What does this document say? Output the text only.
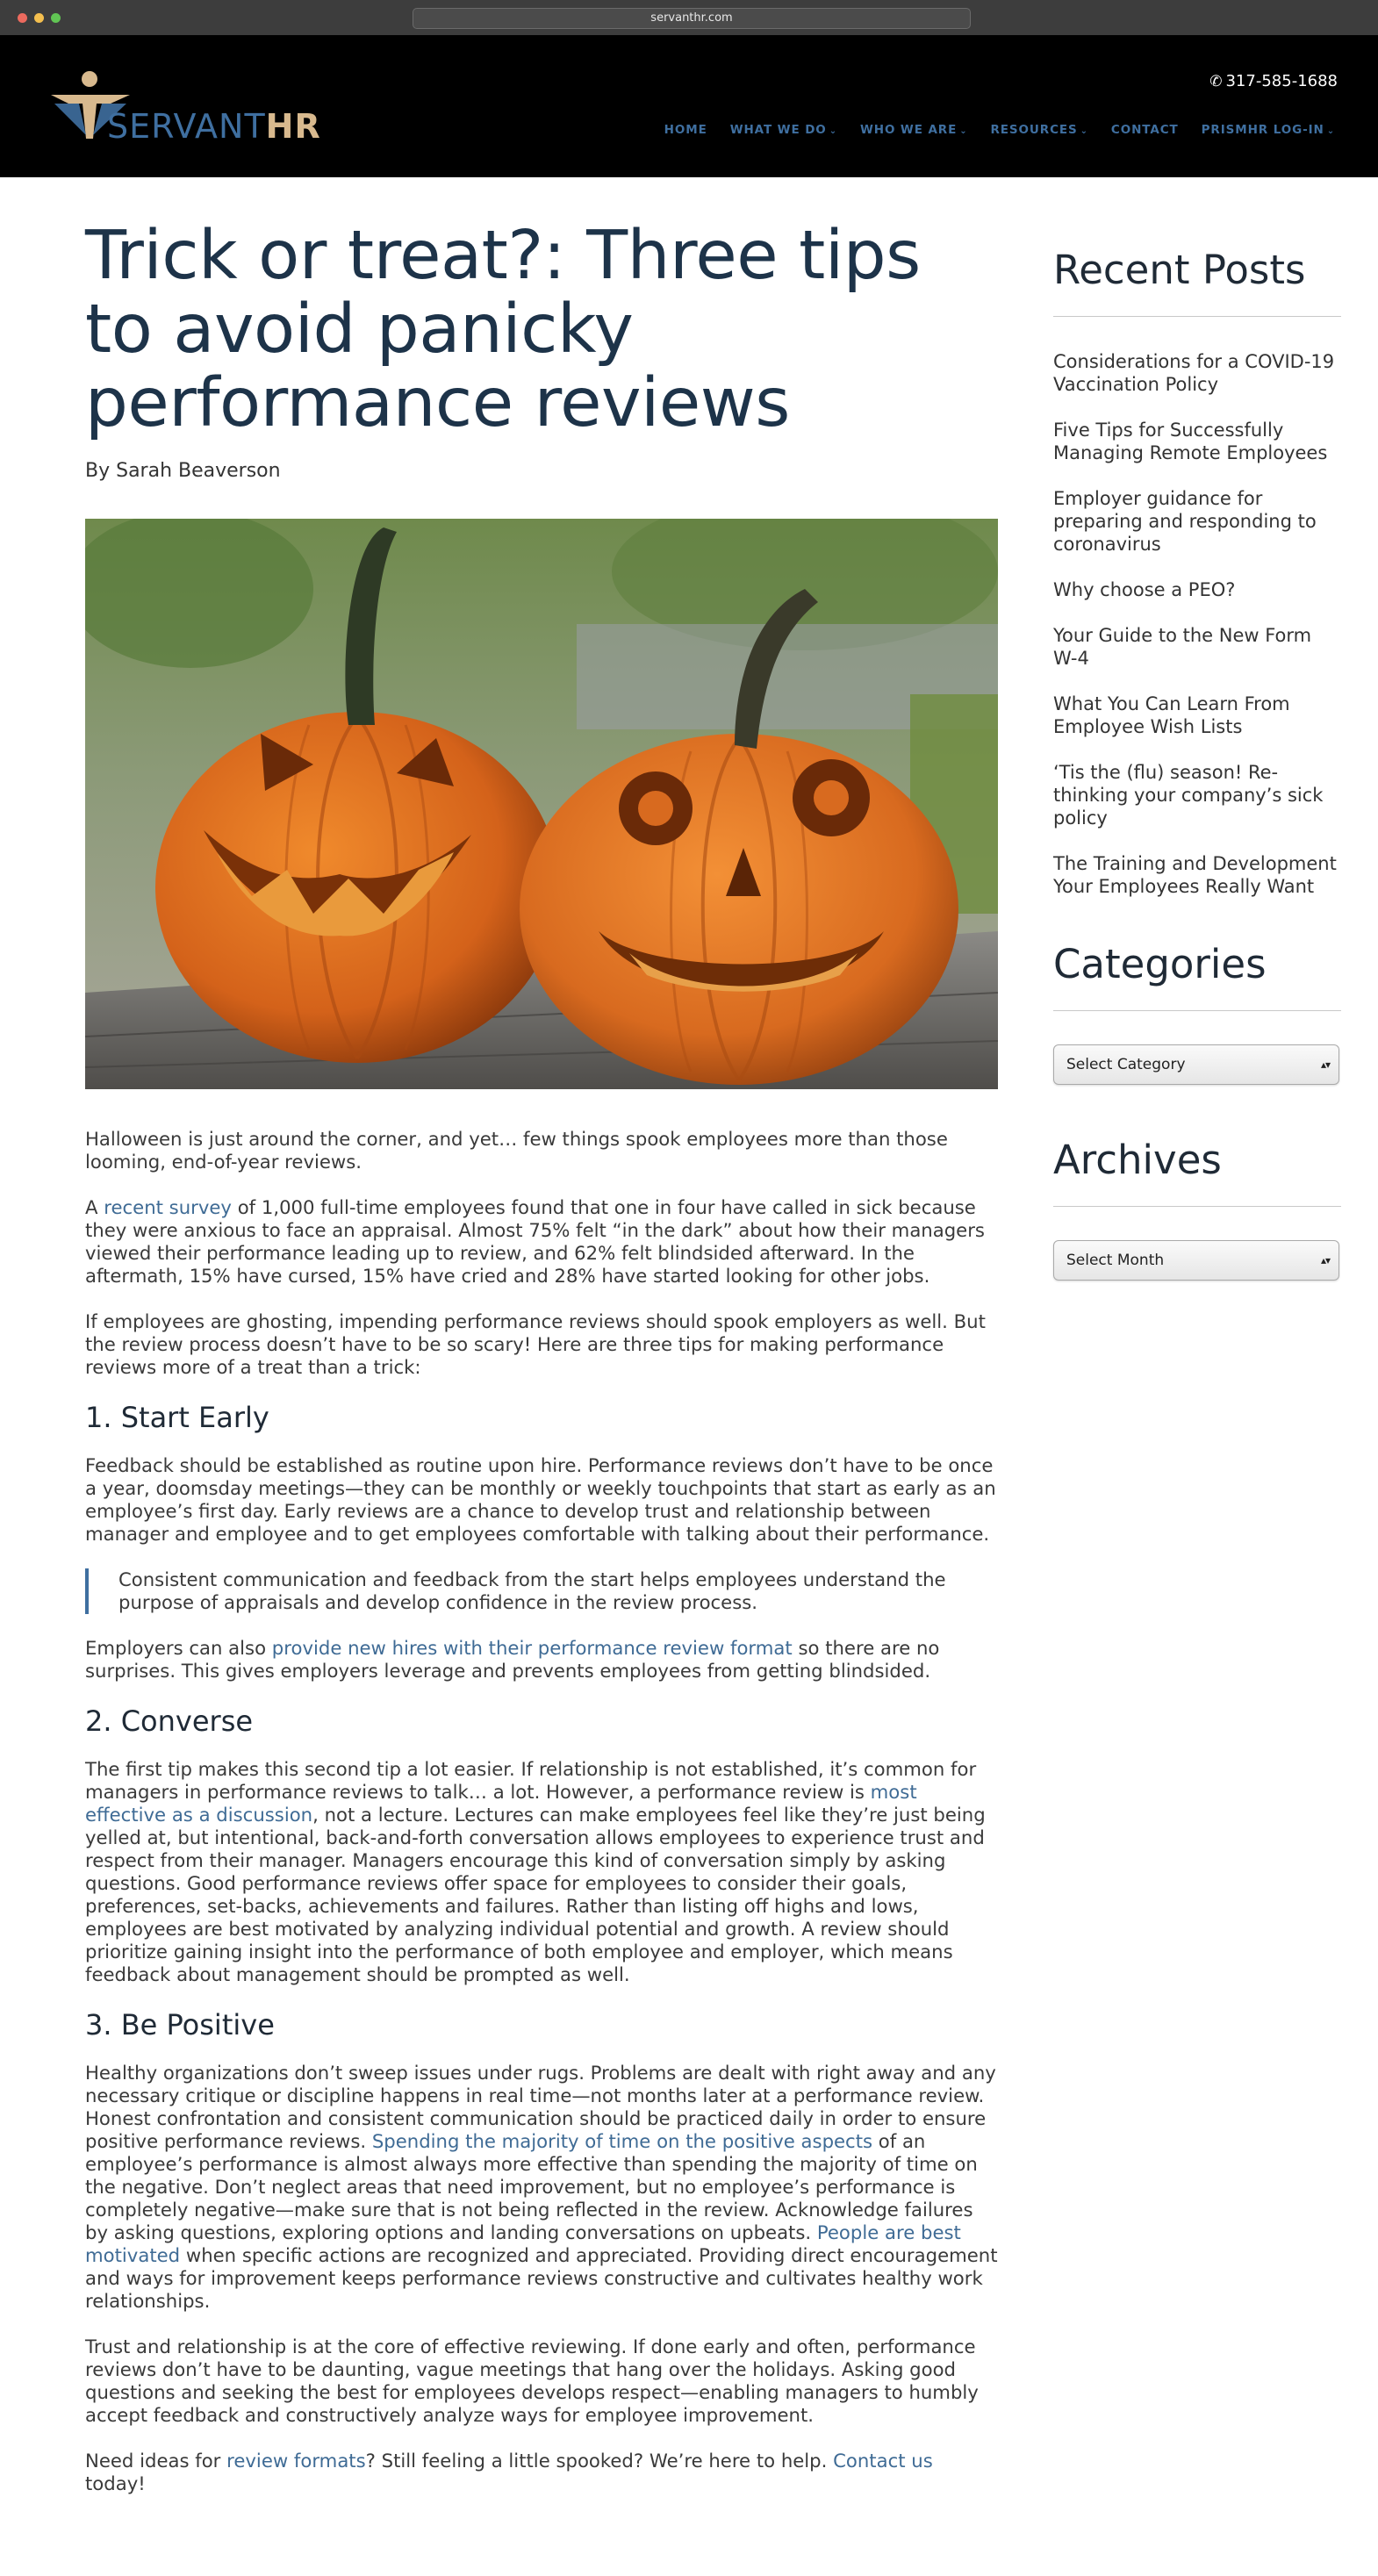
servanthr.com
SERVANTHR
✆ 317-585-1688
HOME	WHAT WE DO ⌄	WHO WE ARE ⌄	RESOURCES ⌄	CONTACT	PRISMHR LOG-IN ⌄
Trick or treat?: Three tips to avoid panicky performance reviews
By Sarah Beaverson

Halloween is just around the corner, and yet… few things spook employees more than those looming, end-of-year reviews.

A recent survey of 1,000 full-time employees found that one in four have called in sick because they were anxious to face an appraisal. Almost 75% felt “in the dark” about how their managers viewed their performance leading up to review, and 62% felt blindsided afterward. In the aftermath, 15% have cursed, 15% have cried and 28% have started looking for other jobs.

If employees are ghosting, impending performance reviews should spook employers as well. But the review process doesn’t have to be so scary! Here are three tips for making performance reviews more of a treat than a trick:

1. Start Early

Feedback should be established as routine upon hire. Performance reviews don’t have to be once a year, doomsday meetings—they can be monthly or weekly touchpoints that start as early as an employee’s first day. Early reviews are a chance to develop trust and relationship between manager and employee and to get employees comfortable with talking about their performance.

Consistent communication and feedback from the start helps employees understand the purpose of appraisals and develop confidence in the review process.

Employers can also provide new hires with their performance review format so there are no surprises. This gives employers leverage and prevents employees from getting blindsided.

2. Converse

The first tip makes this second tip a lot easier. If relationship is not established, it’s common for managers in performance reviews to talk… a lot. However, a performance review is most effective as a discussion, not a lecture. Lectures can make employees feel like they’re just being yelled at, but intentional, back-and-forth conversation allows employees to experience trust and respect from their manager. Managers encourage this kind of conversation simply by asking questions. Good performance reviews offer space for employees to consider their goals, preferences, set-backs, achievements and failures. Rather than listing off highs and lows, employees are best motivated by analyzing individual potential and growth. A review should prioritize gaining insight into the performance of both employee and employer, which means feedback about management should be prompted as well.

3. Be Positive

Healthy organizations don’t sweep issues under rugs. Problems are dealt with right away and any necessary critique or discipline happens in real time—not months later at a performance review. Honest confrontation and consistent communication should be practiced daily in order to ensure positive performance reviews. Spending the majority of time on the positive aspects of an employee’s performance is almost always more effective than spending the majority of time on the negative. Don’t neglect areas that need improvement, but no employee’s performance is completely negative—make sure that is not being reflected in the review. Acknowledge failures by asking questions, exploring options and landing conversations on upbeats. People are best motivated when specific actions are recognized and appreciated. Providing direct encouragement and ways for improvement keeps performance reviews constructive and cultivates healthy work relationships.

Trust and relationship is at the core of effective reviewing. If done early and often, performance reviews don’t have to be daunting, vague meetings that hang over the holidays. Asking good questions and seeking the best for employees develops respect—enabling managers to humbly accept feedback and constructively analyze ways for employee improvement.

Need ideas for review formats? Still feeling a little spooked? We’re here to help. Contact us today!

Recent Posts
Considerations for a COVID-19 Vaccination Policy
Five Tips for Successfully Managing Remote Employees
Employer guidance for preparing and responding to coronavirus
Why choose a PEO?
Your Guide to the New Form W-4
What You Can Learn From Employee Wish Lists
‘Tis the (flu) season! Re-thinking your company’s sick policy
The Training and Development Your Employees Really Want
Categories
Select Category	▴▾
Archives
Select Month	▴▾
